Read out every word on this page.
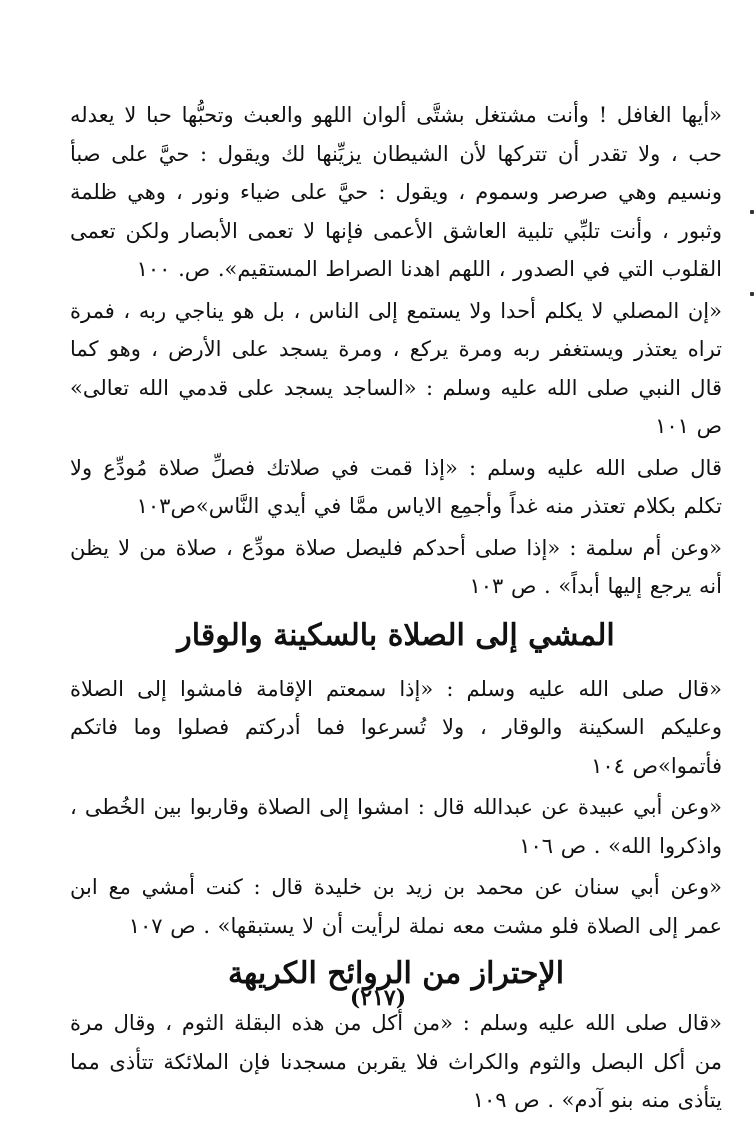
«أيها الغافل ! وأنت مشتغل بشتَّى ألوان اللهو والعبث وتحبُّها حبا لا يعدله حب ، ولا تقدر أن تتركها لأن الشيطان يزيِّنها لك ويقول : حيَّ على صبأ ونسيم وهي صرصر وسموم ، ويقول : حيَّ على ضياء ونور ، وهي ظلمة وثبور ، وأنت تلبِّي تلبية العاشق الأعمى فإنها لا تعمى الأبصار ولكن تعمى القلوب التي في الصدور ، اللهم اهدنا الصراط المستقيم». ص. ١٠٠

«إن المصلي لا يكلم أحدا ولا يستمع إلى الناس ، بل هو يناجي ربه ، فمرة تراه يعتذر ويستغفر ربه ومرة يركع ، ومرة يسجد على الأرض ، وهو كما قال النبي صلى الله عليه وسلم : «الساجد يسجد على قدمي الله تعالى» ص ١٠١

قال صلى الله عليه وسلم : «إذا قمت في صلاتك فصلِّ صلاة مُودِّع ولا تكلم بكلام تعتذر منه غداً وأجمِع الاياس ممَّا في أيدي النَّاس»ص١٠٣

«وعن أم سلمة : «إذا صلى أحدكم فليصل صلاة مودِّع ، صلاة من لا يظن أنه يرجع إليها أبداً» . ص ١٠٣

المشي إلى الصلاة بالسكينة والوقار

«قال صلى الله عليه وسلم : «إذا سمعتم الإقامة فامشوا إلى الصلاة وعليكم السكينة والوقار ، ولا تُسرعوا فما أدركتم فصلوا وما فاتكم فأتموا»ص ١٠٤

«وعن أبي عبيدة عن عبدالله قال : امشوا إلى الصلاة وقاربوا بين الخُطى ، واذكروا الله» . ص ١٠٦

«وعن أبي سنان عن محمد بن زيد بن خليدة قال : كنت أمشي مع ابن عمر إلى الصلاة فلو مشت معه نملة لرأيت أن لا يستبقها» . ص ١٠٧

الإحتراز من الروائح الكريهة

«قال صلى الله عليه وسلم : «من أكل من هذه البقلة الثوم ، وقال مرة من أكل البصل والثوم والكراث فلا يقربن مسجدنا فإن الملائكة تتأذى مما يتأذى منه بنو آدم» . ص ١٠٩

(٢١٧)
